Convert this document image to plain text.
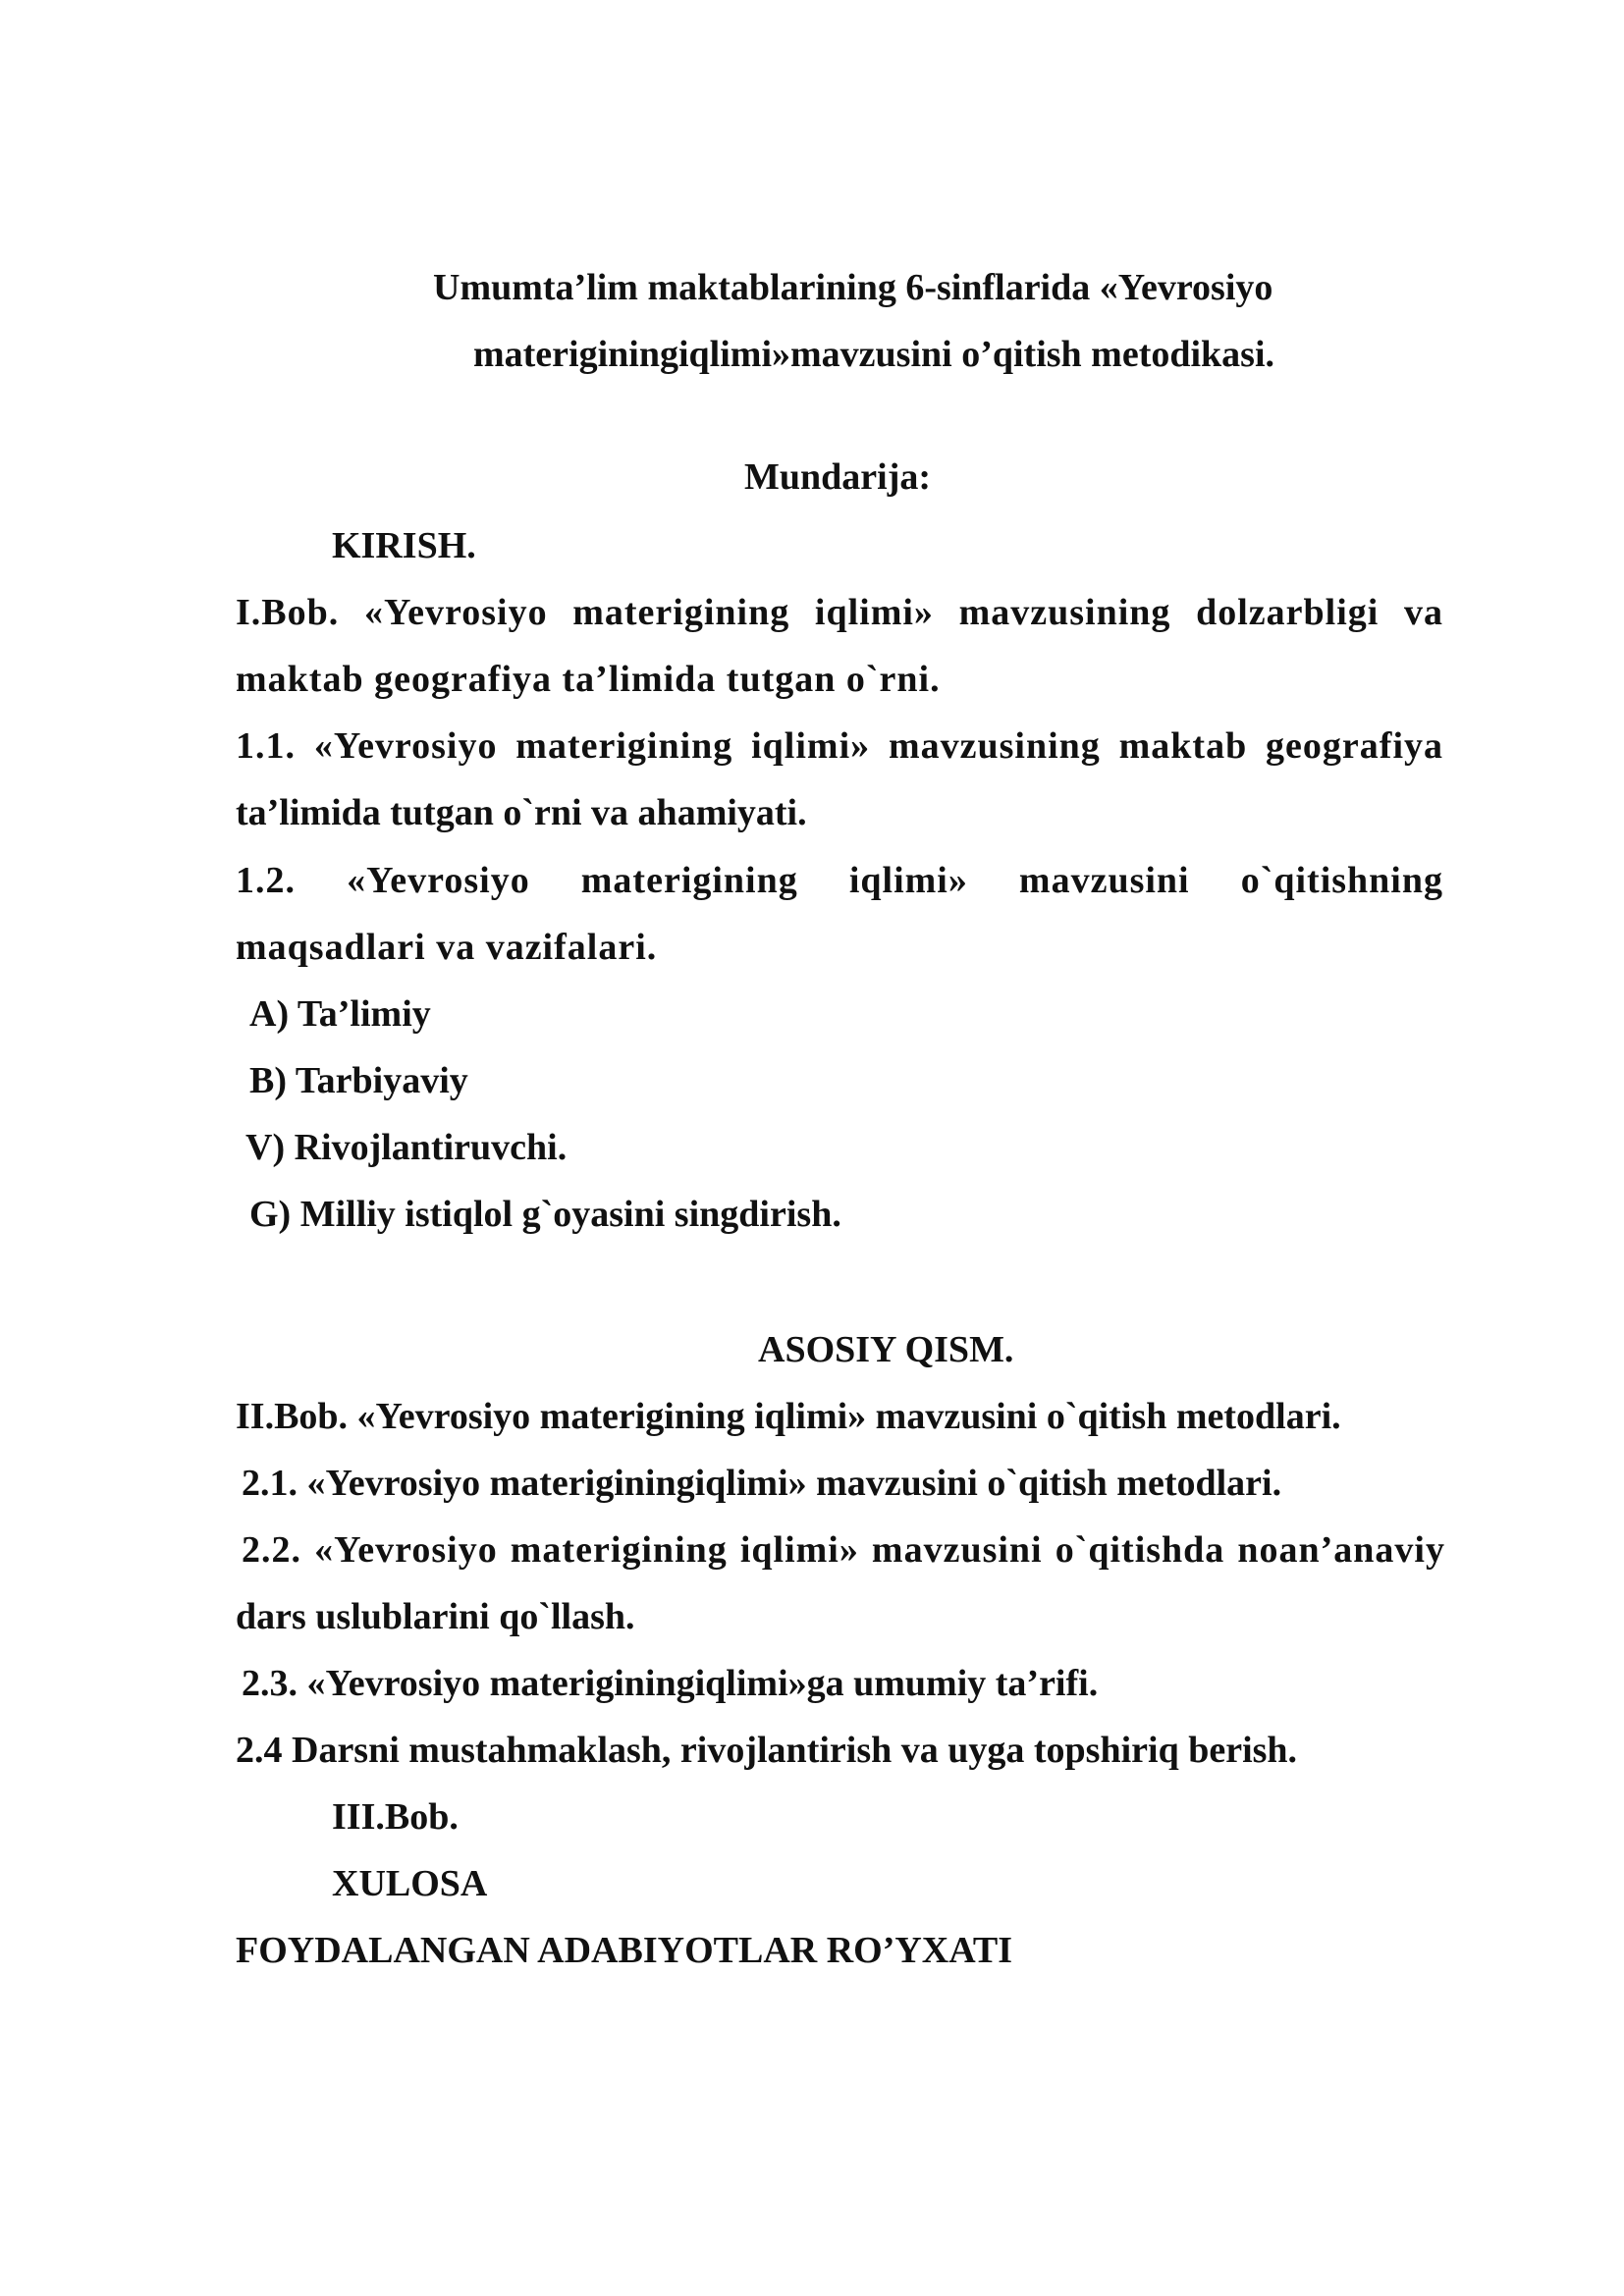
Umumta’lim maktablarining 6-sinflarida «Yevrosiyo
materiginingiqlimi»mavzusini o’qitish metodikasi.
Mundarija:
KIRISH.
I.Bob. «Yevrosiyo materigining iqlimi» mavzusining dolzarbligi va
maktab geografiya ta’limida tutgan o`rni.
1.1. «Yevrosiyo materigining iqlimi» mavzusining maktab geografiya
ta’limida tutgan o`rni va ahamiyati.
1.2. «Yevrosiyo materigining iqlimi» mavzusini o`qitishning
maqsadlari va vazifalari.
A) Ta’limiy
B) Tarbiyaviy
V) Rivojlantiruvchi.
G) Milliy istiqlol g`oyasini singdirish.
ASOSIY QISM.
II.Bob. «Yevrosiyo materigining iqlimi» mavzusini o`qitish metodlari.
2.1. «Yevrosiyo materiginingiqlimi» mavzusini o`qitish metodlari.
2.2. «Yevrosiyo materigining iqlimi» mavzusini o`qitishda noan’anaviy
dars uslublarini qo`llash.
2.3. «Yevrosiyo materiginingiqlimi»ga umumiy ta’rifi.
2.4 Darsni mustahmaklash, rivojlantirish va uyga topshiriq berish.
III.Bob.
XULOSA
FOYDALANGAN ADABIYOTLAR RO’YXATI
